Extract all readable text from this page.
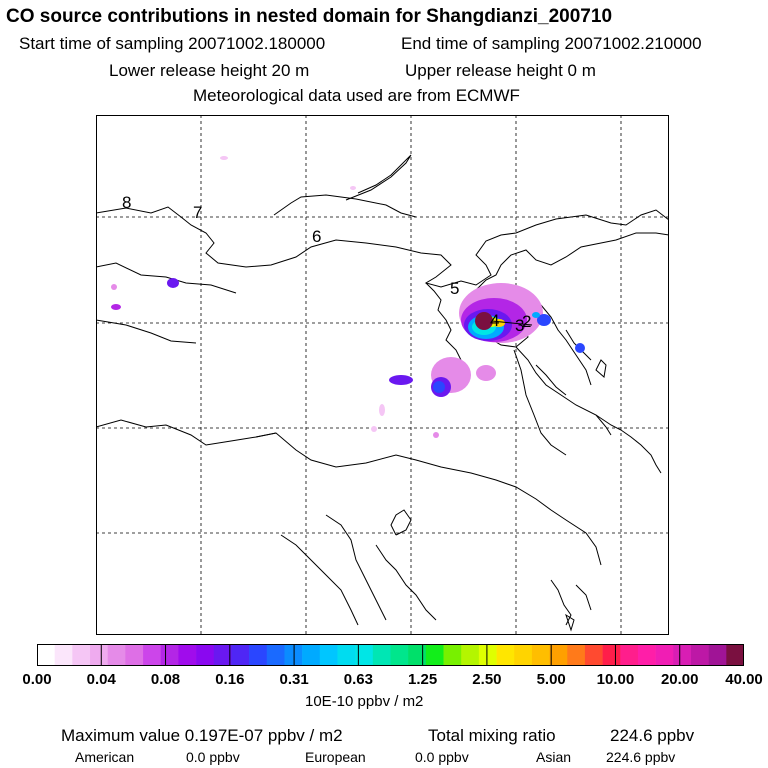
CO source contributions in nested domain for Shangdianzi_200710
Start time of sampling 20071002.180000	End time of sampling 20071002.210000
Lower release height 20 m	Upper release height 0 m
Meteorological data used are from ECMWF
8
7
6
5
4 3
2
0.00 0.04 0.08 0.16 0.31 0.63 1.25 2.50 5.00 10.00 20.00 40.00
10E-10 ppbv / m2
Maximum value 0.197E-07 ppbv / m2	Total mixing ratio	224.6 ppbv
American	0.0 ppbv	European	0.0 ppbv	Asian 224.6 ppbv
